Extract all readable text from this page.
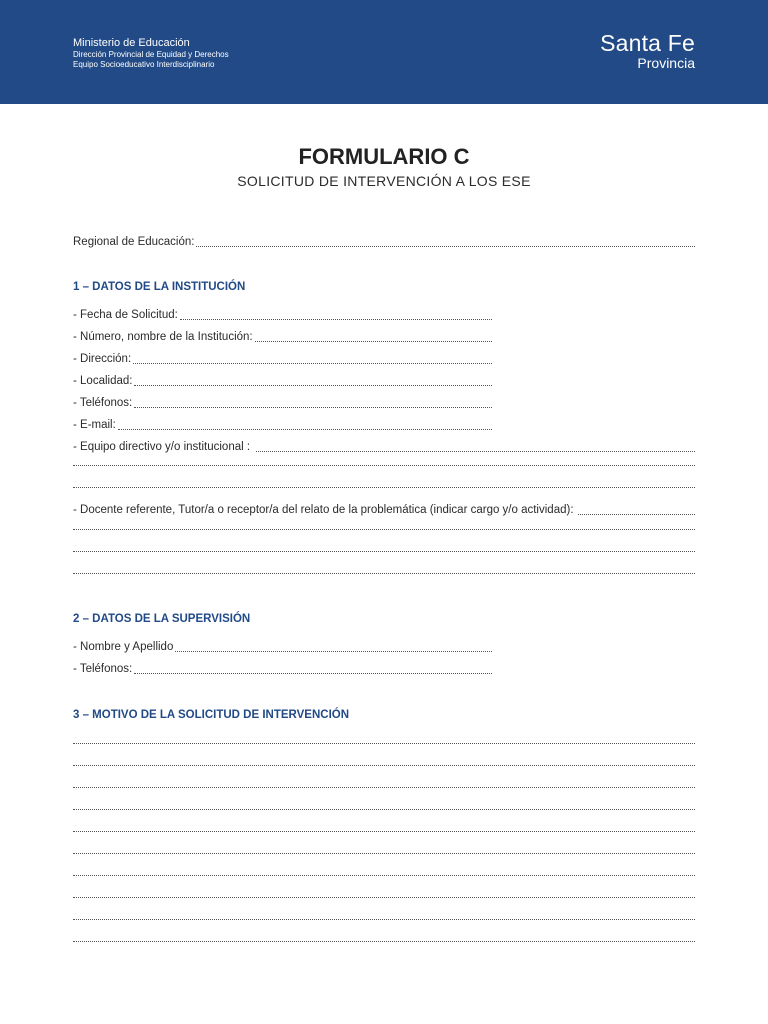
Ministerio de Educación
Dirección Provincial de Equidad y Derechos
Equipo Socioeducativo Interdisciplinario
Santa Fe
Provincia
FORMULARIO C
SOLICITUD DE INTERVENCIÓN A LOS ESE
Regional de Educación:
1 – DATOS DE LA INSTITUCIÓN
- Fecha de Solicitud:
- Número, nombre de la Institución:
- Dirección:
- Localidad:
- Teléfonos:
- E-mail:
- Equipo directivo y/o institucional :
- Docente referente, Tutor/a o receptor/a del relato de la problemática (indicar cargo y/o actividad):
2 – DATOS DE LA SUPERVISIÓN
- Nombre y Apellido
- Teléfonos:
3 – MOTIVO DE LA SOLICITUD DE INTERVENCIÓN
